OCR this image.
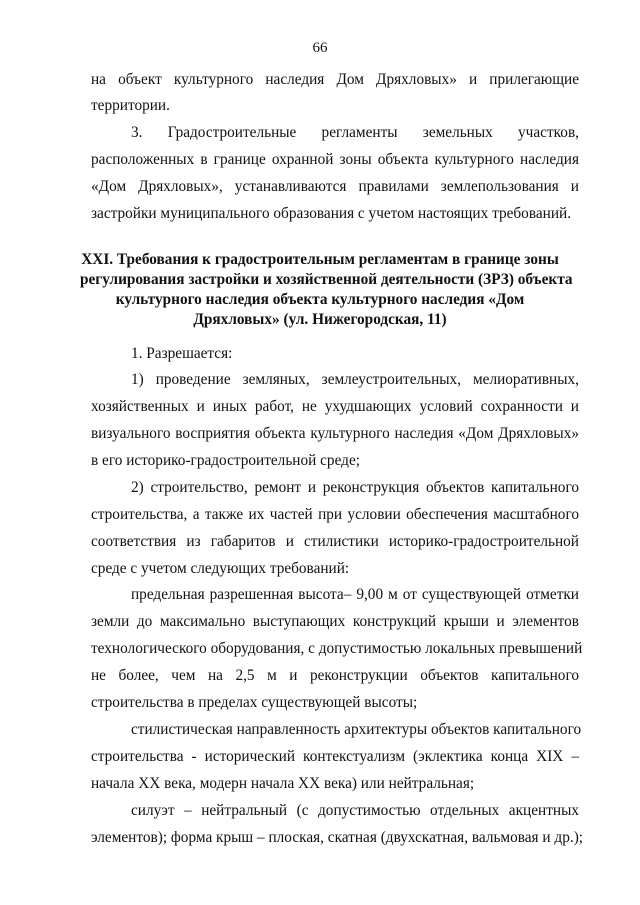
66
на объект культурного наследия Дом Дряхловых» и прилегающие
территории.
3. Градостроительные регламенты земельных участков,
расположенных в границе охранной зоны объекта культурного наследия
«Дом Дряхловых», устанавливаются правилами землепользования и
застройки муниципального образования с учетом настоящих требований.
XXI. Требования к градостроительным регламентам в границе зоны
регулирования застройки и хозяйственной деятельности (ЗРЗ) объекта
культурного наследия объекта культурного наследия «Дом
Дряхловых» (ул. Нижегородская, 11)
1. Разрешается:
1) проведение земляных, землеустроительных, мелиоративных,
хозяйственных и иных работ, не ухудшающих условий сохранности и
визуального восприятия объекта культурного наследия «Дом Дряхловых»
в его историко-градостроительной среде;
2) строительство, ремонт и реконструкция объектов капитального
строительства, а также их частей при условии обеспечения масштабного
соответствия из габаритов и стилистики историко-градостроительной
среде с учетом следующих требований:
предельная разрешенная высота– 9,00 м от существующей отметки
земли до максимально выступающих конструкций крыши и элементов
технологического оборудования, с допустимостью локальных превышений
не более, чем на 2,5 м и реконструкции объектов капитального
строительства в пределах существующей высоты;
стилистическая направленность архитектуры объектов капитального
строительства - исторический контекстуализм (эклектика конца XIX –
начала XX века, модерн начала XX века) или нейтральная;
силуэт – нейтральный (с допустимостью отдельных акцентных
элементов); форма крыш – плоская, скатная (двухскатная, вальмовая и др.);
